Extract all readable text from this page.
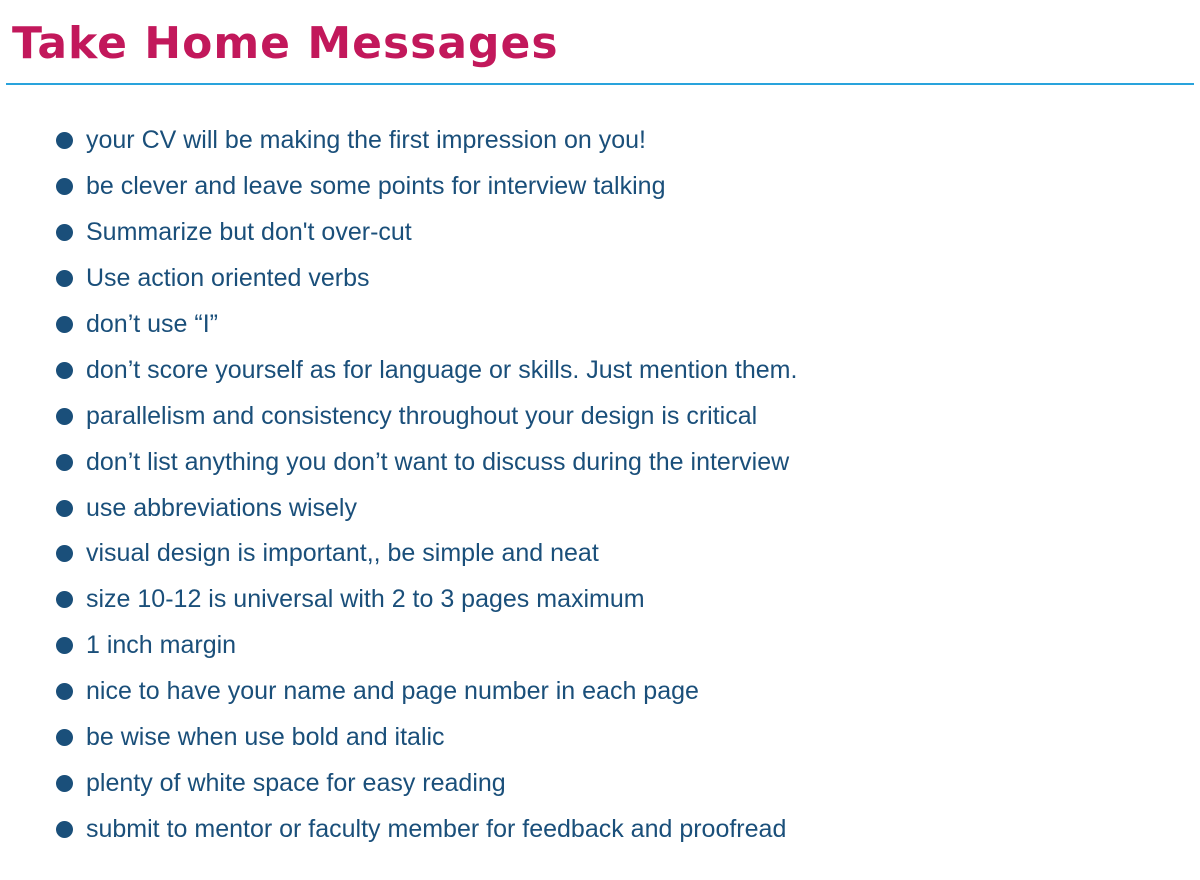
Take Home Messages
your CV will be making the first impression on you!
be clever and leave some points for interview talking
Summarize but don't over-cut
Use action oriented verbs
don’t use “I”
don’t score yourself as for language or skills. Just mention them.
parallelism and consistency throughout your design is critical
don’t list anything you don’t want to discuss during the interview
use abbreviations wisely
visual design is important,, be simple and neat
size 10-12 is universal with 2 to 3 pages maximum
1 inch margin
nice to have your name and page number in each page
be wise when use bold and italic
plenty of white space for easy reading
submit to mentor or faculty member for feedback and proofread
